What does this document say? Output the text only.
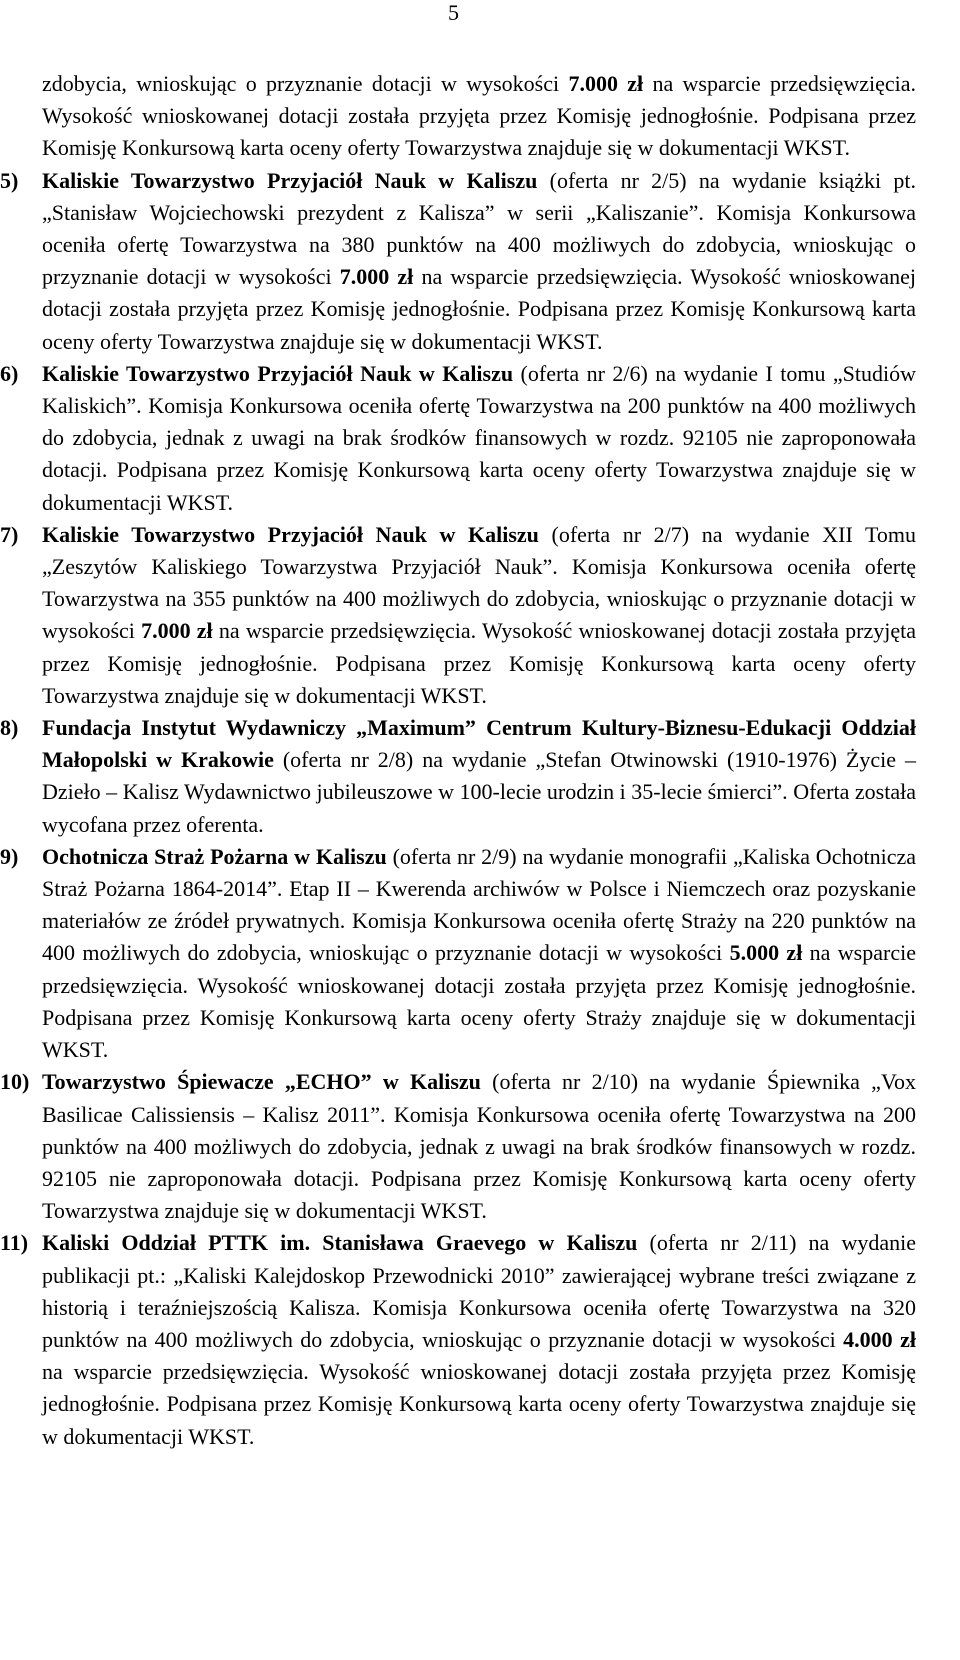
5

zdobycia, wnioskując o przyznanie dotacji w wysokości 7.000 zł na wsparcie przedsięwzięcia. Wysokość wnioskowanej dotacji została przyjęta przez Komisję jednogłośnie. Podpisana przez Komisję Konkursową karta oceny oferty Towarzystwa znajduje się w dokumentacji WKST.

5)	Kaliskie Towarzystwo Przyjaciół Nauk w Kaliszu (oferta nr 2/5) na wydanie książki pt. „Stanisław Wojciechowski prezydent z Kalisza” w serii „Kaliszanie”. Komisja Konkursowa oceniła ofertę Towarzystwa na 380 punktów na 400 możliwych do zdobycia, wnioskując o przyznanie dotacji w wysokości 7.000 zł na wsparcie przedsięwzięcia. Wysokość wnioskowanej dotacji została przyjęta przez Komisję jednogłośnie. Podpisana przez Komisję Konkursową karta oceny oferty Towarzystwa znajduje się w dokumentacji WKST.

6)	Kaliskie Towarzystwo Przyjaciół Nauk w Kaliszu (oferta nr 2/6) na wydanie I tomu „Studiów Kaliskich”. Komisja Konkursowa oceniła ofertę Towarzystwa na 200 punktów na 400 możliwych do zdobycia, jednak z uwagi na brak środków finansowych w rozdz. 92105 nie zaproponowała dotacji. Podpisana przez Komisję Konkursową karta oceny oferty Towarzystwa znajduje się w dokumentacji WKST.

7)	Kaliskie Towarzystwo Przyjaciół Nauk w Kaliszu (oferta nr 2/7) na wydanie XII Tomu „Zeszytów Kaliskiego Towarzystwa Przyjaciół Nauk”. Komisja Konkursowa oceniła ofertę Towarzystwa na 355 punktów na 400 możliwych do zdobycia, wnioskując o przyznanie dotacji w wysokości 7.000 zł na wsparcie przedsięwzięcia. Wysokość wnioskowanej dotacji została przyjęta przez Komisję jednogłośnie. Podpisana przez Komisję Konkursową karta oceny oferty Towarzystwa znajduje się w dokumentacji WKST.

8)	Fundacja Instytut Wydawniczy „Maximum” Centrum Kultury-Biznesu-Edukacji Oddział Małopolski w Krakowie (oferta nr 2/8) na wydanie „Stefan Otwinowski (1910-1976) Życie – Dzieło – Kalisz Wydawnictwo jubileuszowe w 100-lecie urodzin i 35-lecie śmierci”. Oferta została wycofana przez oferenta.

9)	Ochotnicza Straż Pożarna w Kaliszu (oferta nr 2/9) na wydanie monografii „Kaliska Ochotnicza Straż Pożarna 1864-2014”. Etap II – Kwerenda archiwów w Polsce i Niemczech oraz pozyskanie materiałów ze źródeł prywatnych. Komisja Konkursowa oceniła ofertę Straży na 220 punktów na 400 możliwych do zdobycia, wnioskując o przyznanie dotacji w wysokości 5.000 zł na wsparcie przedsięwzięcia. Wysokość wnioskowanej dotacji została przyjęta przez Komisję jednogłośnie. Podpisana przez Komisję Konkursową karta oceny oferty Straży znajduje się w dokumentacji WKST.

10) Towarzystwo Śpiewacze „ECHO” w Kaliszu (oferta nr 2/10) na wydanie Śpiewnika „Vox Basilicae Calissiensis – Kalisz 2011”. Komisja Konkursowa oceniła ofertę Towarzystwa na 200 punktów na 400 możliwych do zdobycia, jednak z uwagi na brak środków finansowych w rozdz. 92105 nie zaproponowała dotacji. Podpisana przez Komisję Konkursową karta oceny oferty Towarzystwa znajduje się w dokumentacji WKST.

11) Kaliski Oddział PTTK im. Stanisława Graevego w Kaliszu (oferta nr 2/11) na wydanie publikacji pt.: „Kaliski Kalejdoskop Przewodnicki 2010” zawierającej wybrane treści związane z historią i teraźniejszością Kalisza. Komisja Konkursowa oceniła ofertę Towarzystwa na 320 punktów na 400 możliwych do zdobycia, wnioskując o przyznanie dotacji w wysokości 4.000 zł na wsparcie przedsięwzięcia. Wysokość wnioskowanej dotacji została przyjęta przez Komisję jednogłośnie. Podpisana przez Komisję Konkursową karta oceny oferty Towarzystwa znajduje się w dokumentacji WKST.
